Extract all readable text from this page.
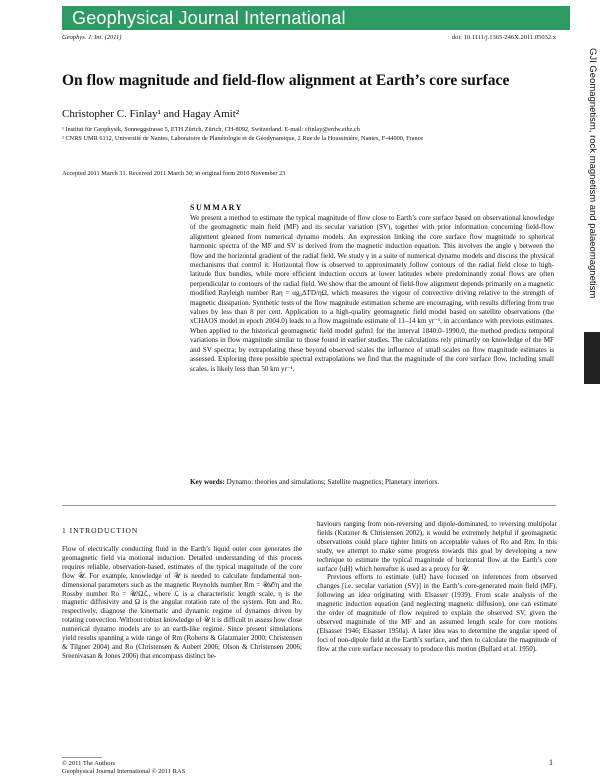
Geophysical Journal International
Geophys. J. Int. (2011)	doi: 10.1111/j.1365-246X.2011.05032.x
GJI Geomagnetism, rock magnetism and palaeomagnetism
On flow magnitude and field-flow alignment at Earth’s core surface
Christopher C. Finlay¹ and Hagay Amit²
¹ Institut für Geophysik, Sonneggstrasse 5, ETH Zürich, Zürich, CH-8092, Switzerland. E-mail: cfinlay@erdw.ethz.ch
² CNRS UMR 6112, Université de Nantes, Laboratoire de Planétologie et de Géodynamique, 2 Rue de la Houssinière, Nantes, F-44000, France
Accepted 2011 March 31. Received 2011 March 30; in original form 2010 November 23
SUMMARY

We present a method to estimate the typical magnitude of flow close to Earth’s core surface based on observational knowledge of the geomagnetic main field (MF) and its secular variation (SV), together with prior information concerning field-flow alignment gleaned from numerical dynamo models. An expression linking the core surface flow magnitude to spherical harmonic spectra of the MF and SV is derived from the magnetic induction equation. This involves the angle γ between the flow and the horizontal gradient of the radial field. We study γ in a suite of numerical dynamo models and discuss the physical mechanisms that control it. Horizontal flow is observed to approximately follow contours of the radial field close to high-latitude flux bundles, while more efficient induction occurs at lower latitudes where predominantly zonal flows are often perpendicular to contours of the radial field. We show that the amount of field-flow alignment depends primarily on a magnetic modified Rayleigh number Raη = αg₀ΔTD/ηΩ, which measures the vigour of convective driving relative to the strength of magnetic dissipation. Synthetic tests of the flow magnitude estimation scheme are encouraging, with results differing from true values by less than 8 per cent. Application to a high-quality geomagnetic field model based on satellite observations (the xCHAOS model in epoch 2004.0) leads to a flow magnitude estimate of 11–14 km yr⁻¹, in accordance with previous estimates. When applied to the historical geomagnetic field model gufm1 for the interval 1840.0–1990.0, the method predicts temporal variations in flow magnitude similar to those found in earlier studies. The calculations rely primarily on knowledge of the MF and SV spectra; by extrapolating these beyond observed scales the influence of small scales on flow magnitude estimates is assessed. Exploring three possible spectral extrapolations we find that the magnitude of the core surface flow, including small scales, is likely less than 50 km yr⁻¹.

Key words: Dynamo: theories and simulations; Satellite magnetics; Planetary interiors.
1 INTRODUCTION

Flow of electrically conducting fluid in the Earth’s liquid outer core generates the geomagnetic field via motional induction. Detailed understanding of this process requires reliable, observation-based, estimates of the typical magnitude of the core flow 𝒰. For example, knowledge of 𝒰 is needed to calculate fundamental non-dimensional parameters such as the magnetic Reynolds number Rm = 𝒰ℒ/η and the Rossby number Ro = 𝒰/Ωℒ, where ℒ is a characteristic length scale, η is the magnetic diffusivity and Ω is the angular rotation rate of the system. Rm and Ro, respectively, diagnose the kinematic and dynamic regime of dynamos driven by rotating convection. Without robust knowledge of 𝒰 it is difficult to assess how close numerical dynamo models are to an earth-like regime. Since present simulations yield results spanning a wide range of Rm (Roberts & Glatzmaier 2000; Christensen & Tilgner 2004) and Ro (Christensen & Aubert 2006; Olson & Christensen 2006; Sreenivasan & Jones 2006) that encompass distinct be-

haviours ranging from non-reversing and dipole-dominated, to reversing multipolar fields (Kutzner & Christensen 2002), it would be extremely helpful if geomagnetic observations could place tighter limits on acceptable values of Ro and Rm. In this study, we attempt to make some progress towards this goal by developing a new technique to estimate the typical magnitude of horizontal flow at the Earth’s core surface ⟨uH⟩ which hereafter is used as a proxy for 𝒰.

Previous efforts to estimate ⟨uH⟩ have focused on inferences from observed changes [i.e. secular variation (SV)] in the Earth’s core-generated main field (MF), following an idea originating with Elsasser (1939). From scale analysis of the magnetic induction equation (and neglecting magnetic diffusion), one can estimate the order of magnitude of flow required to explain the observed SV, given the observed magnitude of the MF and an assumed length scale for core motions (Elsasser 1946; Elsasser 1950a). A later idea was to determine the angular speed of foci of non-dipole field at the Earth’s surface, and then to calculate the magnitude of flow at the core surface necessary to produce this motion (Bullard et al. 1950).

© 2011 The Authors
Geophysical Journal International © 2011 RAS
1
